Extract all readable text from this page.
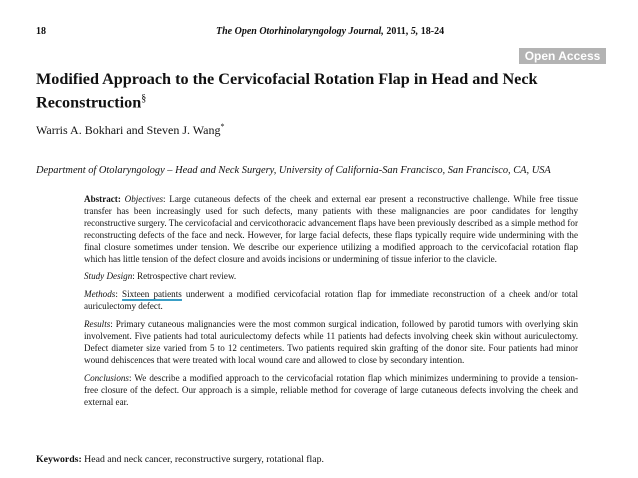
18	The Open Otorhinolaryngology Journal, 2011, 5, 18-24
Open Access
Modified Approach to the Cervicofacial Rotation Flap in Head and Neck Reconstruction§
Warris A. Bokhari and Steven J. Wang*
Department of Otolaryngology – Head and Neck Surgery, University of California-San Francisco, San Francisco, CA, USA

Abstract: Objectives: Large cutaneous defects of the cheek and external ear present a reconstructive challenge. While free tissue transfer has been increasingly used for such defects, many patients with these malignancies are poor candidates for lengthy reconstructive surgery. The cervicofacial and cervicothoracic advancement flaps have been previously described as a simple method for reconstructing defects of the face and neck. However, for large facial defects, these flaps typically require wide undermining with the final closure sometimes under tension. We describe our experience utilizing a modified approach to the cervicofacial rotation flap which has little tension of the defect closure and avoids incisions or undermining of tissue inferior to the clavicle.

Study Design: Retrospective chart review.

Methods: Sixteen patients underwent a modified cervicofacial rotation flap for immediate reconstruction of a cheek and/or total auriculectomy defect.

Results: Primary cutaneous malignancies were the most common surgical indication, followed by parotid tumors with overlying skin involvement. Five patients had total auriculectomy defects while 11 patients had defects involving cheek skin without auriculectomy. Defect diameter size varied from 5 to 12 centimeters. Two patients required skin grafting of the donor site. Four patients had minor wound dehiscences that were treated with local wound care and allowed to close by secondary intention.

Conclusions: We describe a modified approach to the cervicofacial rotation flap which minimizes undermining to provide a tension-free closure of the defect. Our approach is a simple, reliable method for coverage of large cutaneous defects involving the cheek and external ear.

Keywords: Head and neck cancer, reconstructive surgery, rotational flap.
